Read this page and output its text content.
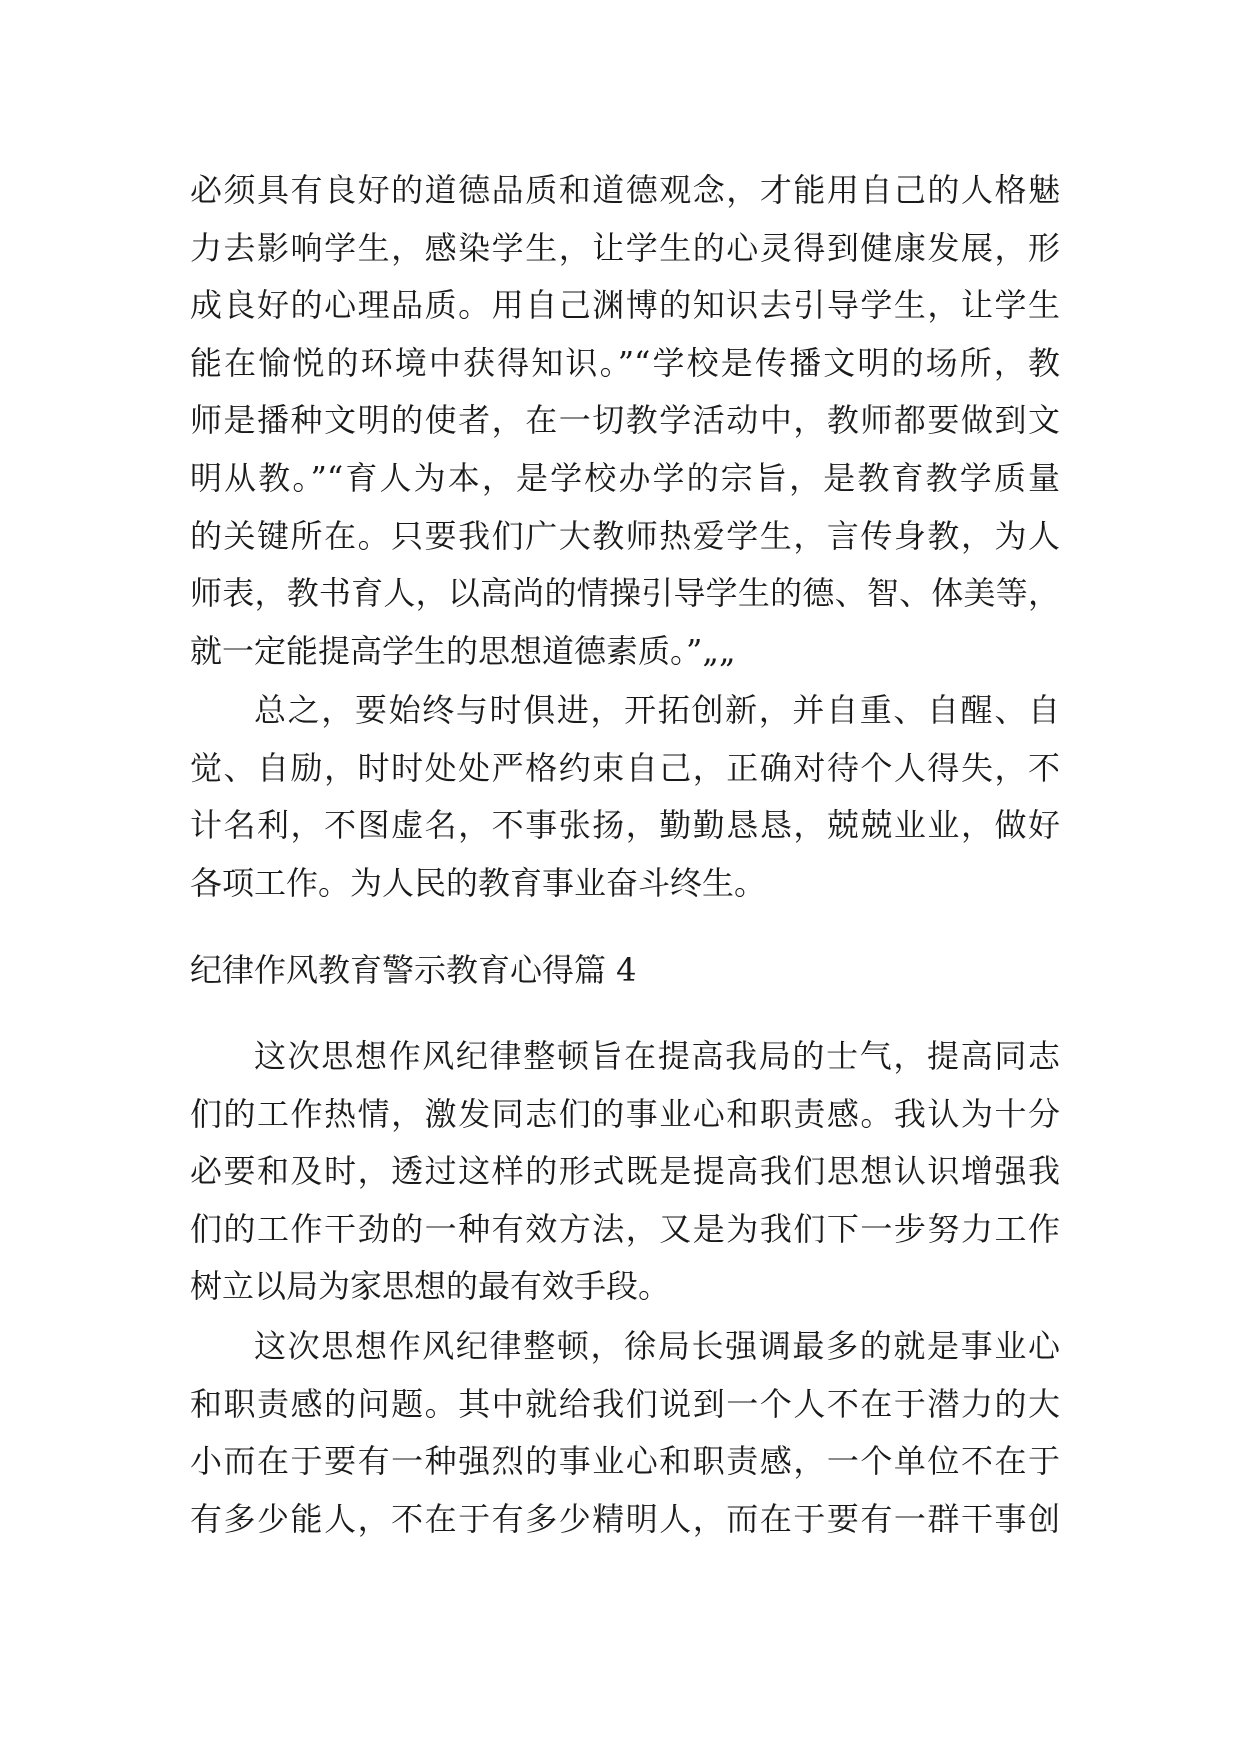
必须具有良好的道德品质和道德观念，才能用自己的人格魅
力去影响学生，感染学生，让学生的心灵得到健康发展，形
成良好的心理品质。用自己渊博的知识去引导学生，让学生
能在愉悦的环境中获得知识。”“学校是传播文明的场所，教
师是播种文明的使者，在一切教学活动中，教师都要做到文
明从教。”“育人为本，是学校办学的宗旨，是教育教学质量
的关键所在。只要我们广大教师热爱学生，言传身教，为人
师表，教书育人，以高尚的情操引导学生的德、智、体美等，
就一定能提高学生的思想道德素质。”„„
总之，要始终与时俱进，开拓创新，并自重、自醒、自
觉、自励，时时处处严格约束自己，正确对待个人得失，不
计名利，不图虚名，不事张扬，勤勤恳恳，兢兢业业，做好
各项工作。为人民的教育事业奋斗终生。
纪律作风教育警示教育心得篇 4
这次思想作风纪律整顿旨在提高我局的士气，提高同志
们的工作热情，激发同志们的事业心和职责感。我认为十分
必要和及时，透过这样的形式既是提高我们思想认识增强我
们的工作干劲的一种有效方法，又是为我们下一步努力工作
树立以局为家思想的最有效手段。
这次思想作风纪律整顿，徐局长强调最多的就是事业心
和职责感的问题。其中就给我们说到一个人不在于潜力的大
小而在于要有一种强烈的事业心和职责感，一个单位不在于
有多少能人，不在于有多少精明人，而在于要有一群干事创
